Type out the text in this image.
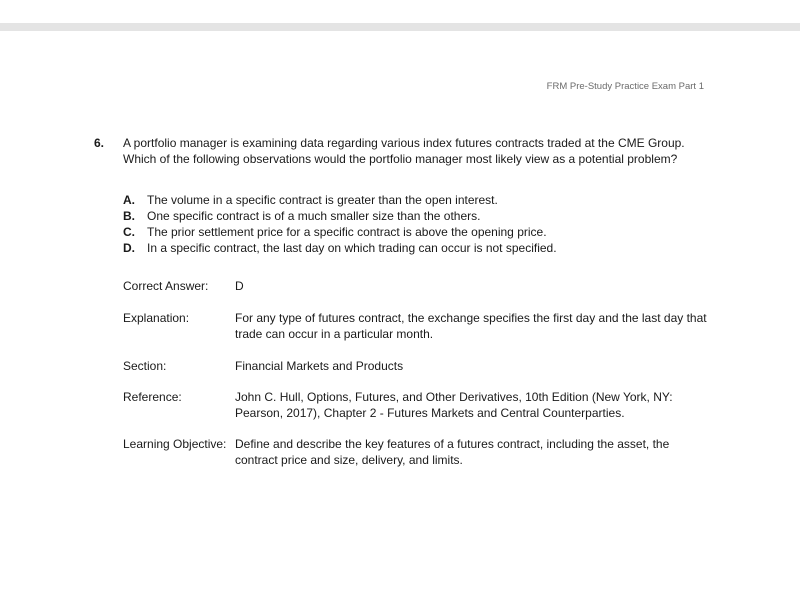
FRM Pre-Study Practice Exam Part 1
6. A portfolio manager is examining data regarding various index futures contracts traded at the CME Group. Which of the following observations would the portfolio manager most likely view as a potential problem?
A.	The volume in a specific contract is greater than the open interest.
B.	One specific contract is of a much smaller size than the others.
C.	The prior settlement price for a specific contract is above the opening price.
D.	In a specific contract, the last day on which trading can occur is not specified.
Correct Answer:	D
Explanation:	For any type of futures contract, the exchange specifies the first day and the last day that trade can occur in a particular month.
Section:	Financial Markets and Products
Reference:	John C. Hull, Options, Futures, and Other Derivatives, 10th Edition (New York, NY: Pearson, 2017), Chapter 2 - Futures Markets and Central Counterparties.
Learning Objective: Define and describe the key features of a futures contract, including the asset, the contract price and size, delivery, and limits.
